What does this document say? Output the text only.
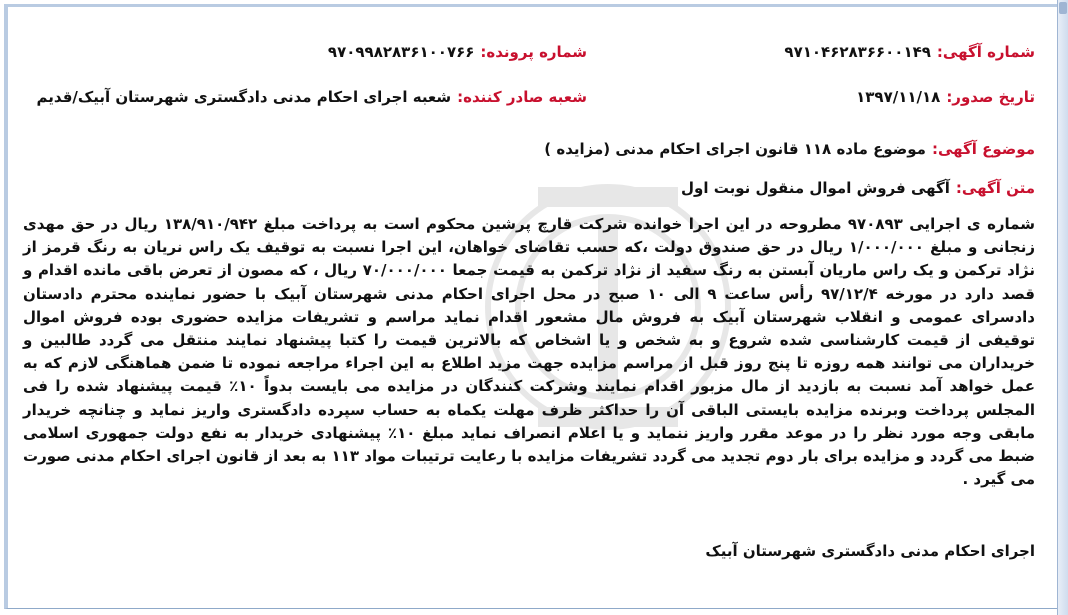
شماره آگهی:
۹۷۱۰۴۶۲۸۳۶۶۰۰۱۴۹
شماره پرونده:
۹۷۰۹۹۸۲۸۳۶۱۰۰۷۶۶
تاریخ صدور:
۱۳۹۷/۱۱/۱۸
شعبه صادر کننده:
شعبه اجرای احکام مدنی دادگستری شهرستان آبیک/قدیم
موضوع آگهی:
موضوع ماده ۱۱۸ قانون اجرای احکام مدنی (مزایده )
متن آگهی:
آگهی فروش اموال منقول نوبت اول
شماره ی اجرایی ۹۷۰۸۹۳ مطروحه در این اجرا خوانده شرکت قارچ پرشین محکوم است به پرداخت مبلغ ۱۳۸/۹۱۰/۹۴۲ ریال در حق مهدی زنجانی و مبلغ ۱/۰۰۰/۰۰۰ ریال در حق صندوق دولت ،که حسب تقاضای خواهان، این اجرا نسبت به توقیف یک راس نریان به رنگ قرمز از نژاد ترکمن و یک راس ماریان آبستن به رنگ سفید از نژاد ترکمن به قیمت جمعا ۷۰/۰۰۰/۰۰۰ ریال ، که مصون از تعرض باقی مانده اقدام و قصد دارد در مورخه ۹۷/۱۲/۴ رأس ساعت ۹ الی ۱۰ صبح در محل اجرای احکام مدنی شهرستان آبیک با حضور نماینده محترم دادستان دادسرای عمومی و انقلاب شهرستان آبیک به فروش مال مشعور اقدام نماید مراسم و تشریفات مزایده حضوری بوده فروش اموال توقیفی از قیمت کارشناسی شده شروع و به شخص و یا اشخاص که بالاترین قیمت را کتبا پیشنهاد نمایند منتقل می گردد طالبین و خریداران می توانند همه روزه تا پنج روز قبل از مراسم مزایده جهت مزید اطلاع به این اجراء مراجعه نموده تا ضمن هماهنگی لازم که به عمل خواهد آمد نسبت به بازدید از مال مزبور اقدام نمایند وشرکت کنندگان در مزایده می بایست بدواً ۱۰٪ قیمت پیشنهاد شده را فی المجلس پرداخت وبرنده مزایده بایستی الباقی آن را حداکثر ظرف مهلت یکماه به حساب سپرده دادگستری واریز نماید و چنانچه خریدار مابقی وجه مورد نظر را در موعد مقرر واریز ننماید و یا اعلام انصراف نماید مبلغ ۱۰٪ پیشنهادی خریدار به نفع دولت جمهوری اسلامی ضبط می گردد و مزایده برای بار دوم تجدید می گردد تشریفات مزایده با رعایت ترتیبات مواد ۱۱۳ به بعد از قانون اجرای احکام مدنی صورت می گیرد .
اجرای احکام مدنی دادگستری شهرستان آبیک
